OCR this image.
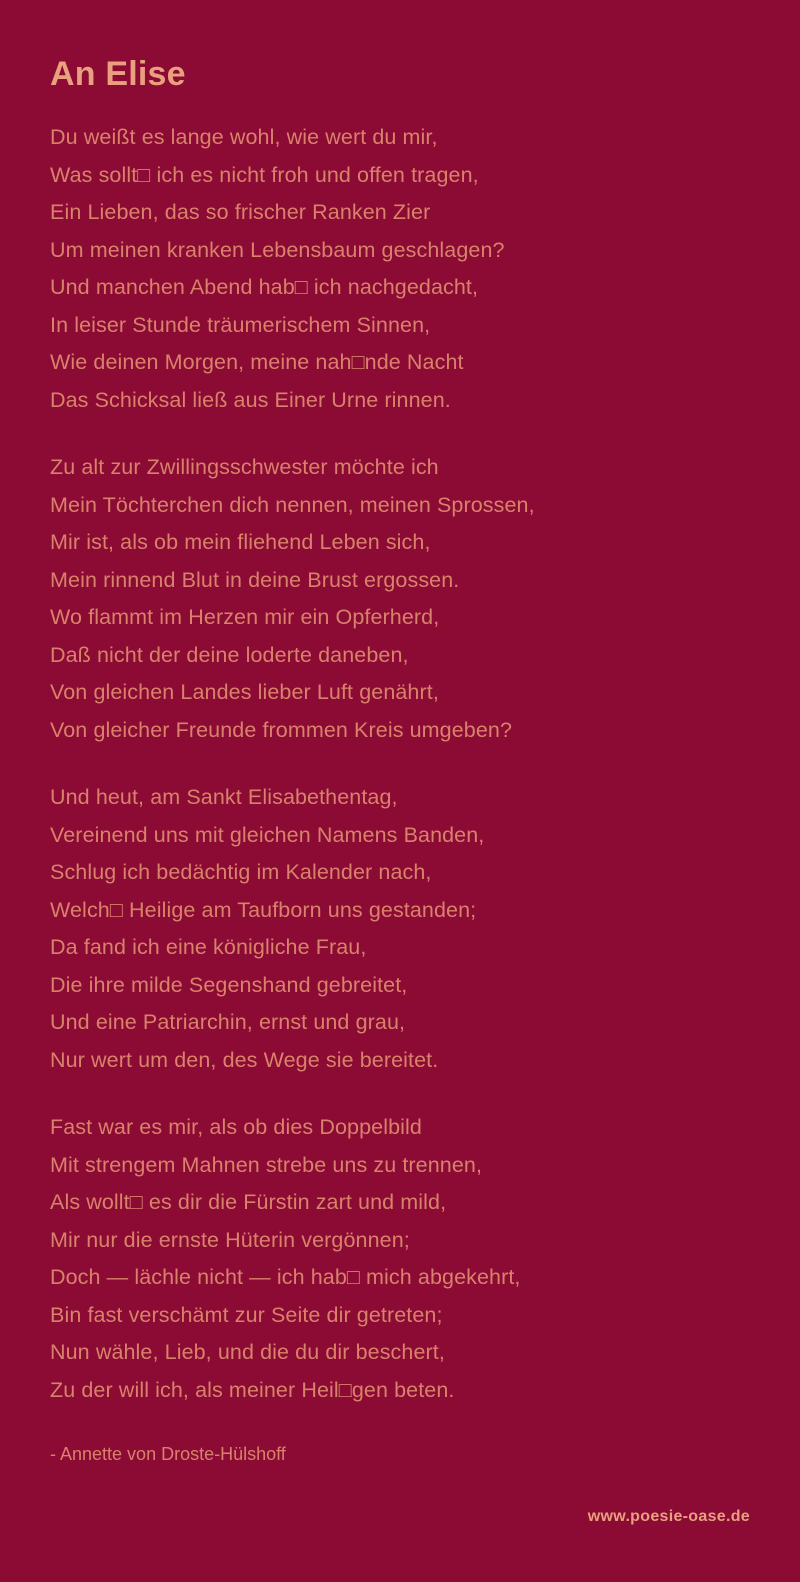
An Elise
Du weißt es lange wohl, wie wert du mir,
Was sollt□ ich es nicht froh und offen tragen,
Ein Lieben, das so frischer Ranken Zier
Um meinen kranken Lebensbaum geschlagen?
Und manchen Abend hab□ ich nachgedacht,
In leiser Stunde träumerischem Sinnen,
Wie deinen Morgen, meine nah□nde Nacht
Das Schicksal ließ aus Einer Urne rinnen.
Zu alt zur Zwillingsschwester möchte ich
Mein Töchterchen dich nennen, meinen Sprossen,
Mir ist, als ob mein fliehend Leben sich,
Mein rinnend Blut in deine Brust ergossen.
Wo flammt im Herzen mir ein Opferherd,
Daß nicht der deine loderte daneben,
Von gleichen Landes lieber Luft genährt,
Von gleicher Freunde frommen Kreis umgeben?
Und heut, am Sankt Elisabethentag,
Vereinend uns mit gleichen Namens Banden,
Schlug ich bedächtig im Kalender nach,
Welch□ Heilige am Taufborn uns gestanden;
Da fand ich eine königliche Frau,
Die ihre milde Segenshand gebreitet,
Und eine Patriarchin, ernst und grau,
Nur wert um den, des Wege sie bereitet.
Fast war es mir, als ob dies Doppelbild
Mit strengem Mahnen strebe uns zu trennen,
Als wollt□ es dir die Fürstin zart und mild,
Mir nur die ernste Hüterin vergönnen;
Doch — lächle nicht — ich hab□ mich abgekehrt,
Bin fast verschämt zur Seite dir getreten;
Nun wähle, Lieb, und die du dir beschert,
Zu der will ich, als meiner Heil□gen beten.
- Annette von Droste-Hülshoff
www.poesie-oase.de
